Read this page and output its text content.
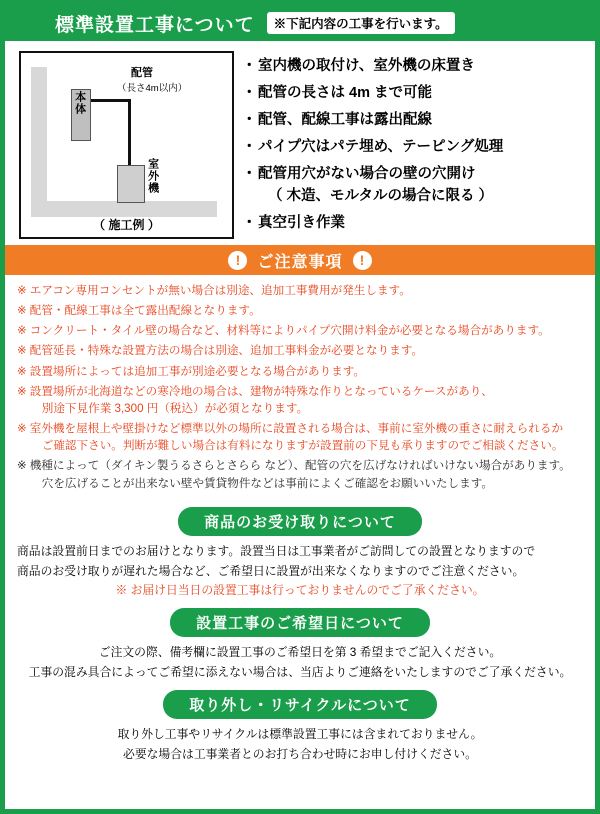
標準設置工事について	※下記内容の工事を行います。
配管
（長さ4m以内）
本体
室外機
（ 施工例 ）
・ 室内機の取付け、室外機の床置き
・ 配管の長さは 4m まで可能
・ 配管、配線工事は露出配線
・ パイプ穴はパテ埋め、テーピング処理
・ 配管用穴がない場合の壁の穴開け
（ 木造、モルタルの場合に限る ）
・ 真空引き作業
!	ご注意事項	!
※ エアコン専用コンセントが無い場合は別途、追加工事費用が発生します。
※ 配管・配線工事は全て露出配線となります。
※ コンクリート・タイル壁の場合など、材料等によりパイプ穴開け料金が必要となる場合があります。
※ 配管延長・特殊な設置方法の場合は別途、追加工事料金が必要となります。
※ 設置場所によっては追加工事が別途必要となる場合があります。
※ 設置場所が北海道などの寒冷地の場合は、建物が特殊な作りとなっているケースがあり、
別途下見作業 3,300 円（税込）が必須となります。
※ 室外機を屋根上や壁掛けなど標準以外の場所に設置される場合は、事前に室外機の重さに耐えられるか
ご確認下さい。判断が難しい場合は有料になりますが設置前の下見も承りますのでご相談ください。
※ 機種によって（ダイキン製うるさらとさらら など）、配管の穴を広げなければいけない場合があります。
穴を広げることが出来ない壁や賃貸物件などは事前によくご確認をお願いいたします。
商品のお受け取りについて

商品は設置前日までのお届けとなります。設置当日は工事業者がご訪問しての設置となりますので

商品のお受け取りが遅れた場合など、ご希望日に設置が出来なくなりますのでご注意ください。

※ お届け日当日の設置工事は行っておりませんのでご了承ください。

設置工事のご希望日について

ご注文の際、備考欄に設置工事のご希望日を第 3 希望までご記入ください。

工事の混み具合によってご希望に添えない場合は、当店よりご連絡をいたしますのでご了承ください。

取り外し・リサイクルについて

取り外し工事やリサイクルは標準設置工事には含まれておりません。

必要な場合は工事業者とのお打ち合わせ時にお申し付けください。
